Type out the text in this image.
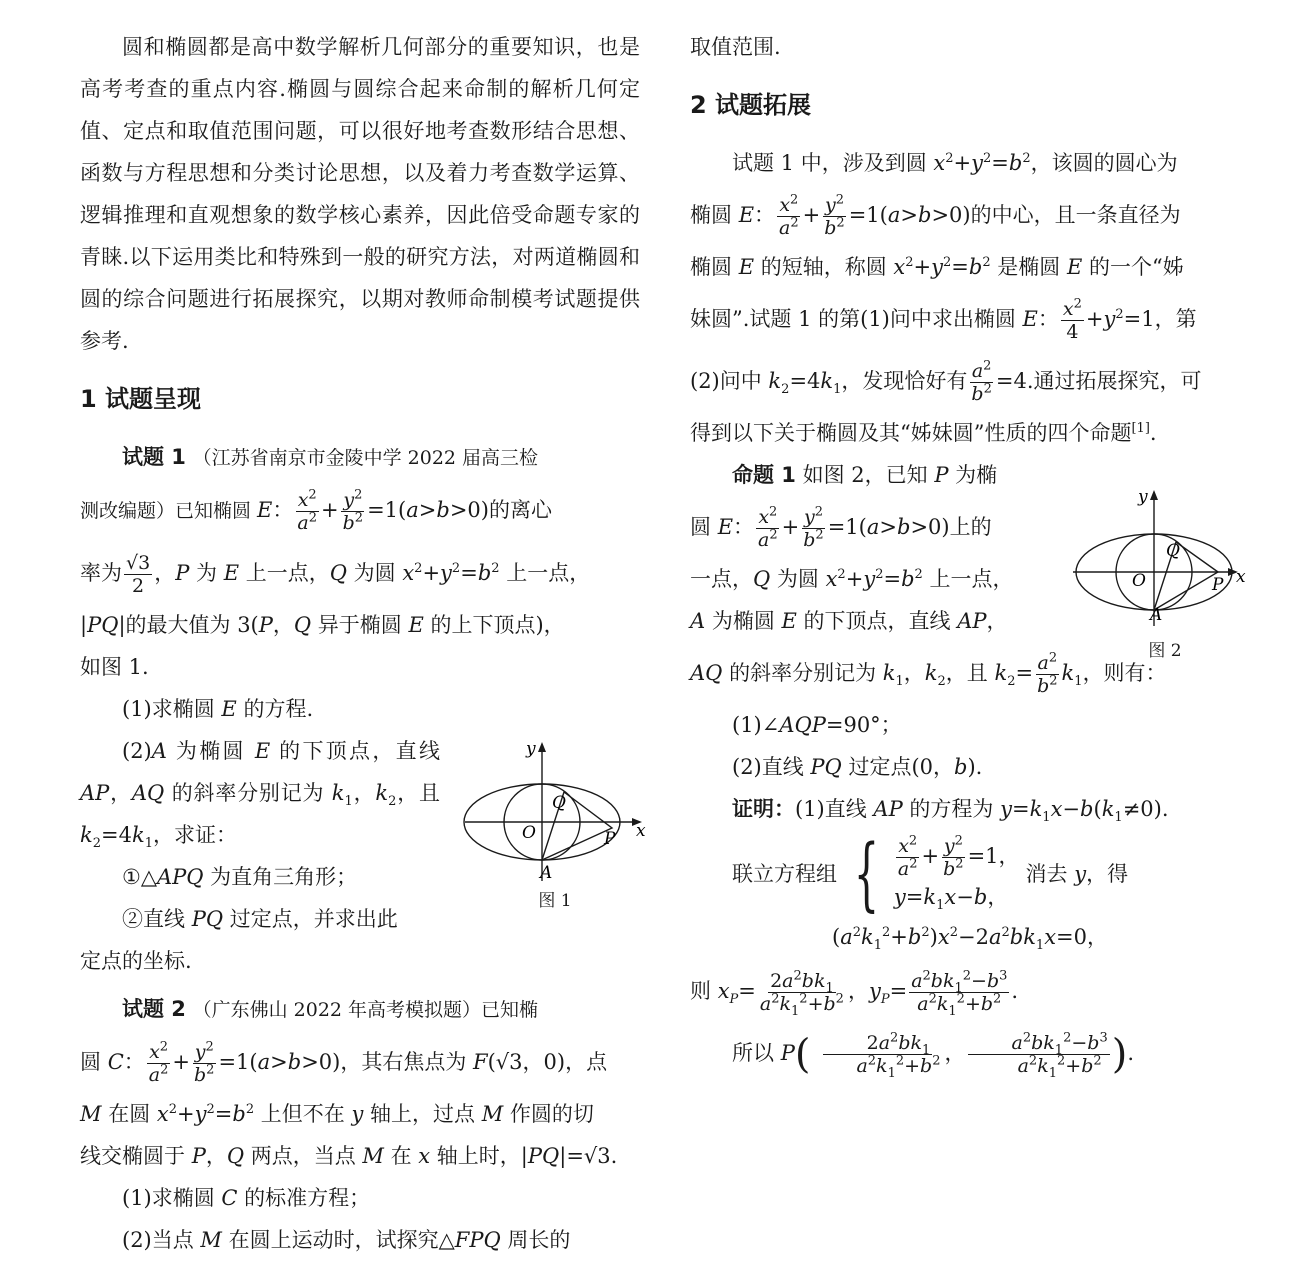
圆和椭圆都是高中数学解析几何部分的重要知识，也是高考考查的重点内容.椭圆与圆综合起来命制的解析几何定值、定点和取值范围问题，可以很好地考查数形结合思想、函数与方程思想和分类讨论思想，以及着力考查数学运算、逻辑推理和直观想象的数学核心素养，因此倍受命题专家的青睐.以下运用类比和特殊到一般的研究方法，对两道椭圆和圆的综合问题进行拓展探究，以期对教师命制模考试题提供参考.

1 试题呈现

试题 1 （江苏省南京市金陵中学 2022 届高三检

测改编题）已知椭圆 E： $\frac{x^2}{a^2} + \frac{y^2}{b^2} =1(a>b>0)$的离心

率为 $\frac{√3}{2}$ ，P 为 E 上一点，Q 为圆 $x^2+y^2=b^2$ 上一点，

|PQ|的最大值为 3(P，Q 异于椭圆 E 的上下顶点)，

如图 1.

(1)求椭圆 E 的方程.

(2)A 为椭圆 E 的下顶点，直线 AP，AQ 的斜率分别记为 $k_1$，$k_2$，且 $k_2=4k_1$，求证：

①△APQ 为直角三角形；

②直线 PQ 过定点，并求出此

定点的坐标.

试题 2 （广东佛山 2022 年高考模拟题）已知椭

圆 C： $\frac{x^2}{a^2} + \frac{y^2}{b^2} =1(a>b>0)$，其右焦点为 F(√3，0)，点

M 在圆 $x^2+y^2=b^2$ 上但不在 y 轴上，过点 M 作圆的切

线交椭圆于 P，Q 两点，当点 M 在 x 轴上时，|PQ|=√3.

(1)求椭圆 C 的标准方程；

(2)当点 M 在圆上运动时，试探究△FPQ 周长的

x
y
O
Q
P
A
图 1

取值范围.

2 试题拓展

试题 1 中，涉及到圆 $x^2+y^2=b^2$，该圆的圆心为

椭圆 E： $\frac{x^2}{a^2} + \frac{y^2}{b^2} =1(a>b>0)$的中心，且一条直径为

椭圆 E 的短轴，称圆 $x^2+y^2=b^2$ 是椭圆 E 的一个“姊

妹圆”.试题 1 的第(1)问中求出椭圆 E： $\frac{x^2}{4} +y^2=1$，第

(2)问中 $k_2=4k_1$，发现恰好有 $\frac{a^2}{b^2} =4$.通过拓展探究，可

得到以下关于椭圆及其“姊妹圆”性质的四个命题[1].

命题 1 如图 2，已知 P 为椭

圆 E： $\frac{x^2}{a^2} + \frac{y^2}{b^2} =1(a>b>0)$上的

一点，Q 为圆 $x^2+y^2=b^2$ 上一点，

A 为椭圆 E 的下顶点，直线 AP，

AQ 的斜率分别记为 $k_1$，$k_2$，且 $k_2= \frac{a^2}{b^2} k_1$，则有：

(1)∠AQP=90°；

(2)直线 PQ 过定点(0，b).

证明：(1)直线 AP 的方程为 $y=k_1x-b(k_1\ne 0)$.

联立方程组 { $\frac{x^2}{a^2} + \frac{y^2}{b^2} =1$，
$y=k_1x-b$，
消去 y，得

$(a^2k_1^2+b^2)x^2-2a^2bk_1x=0$，

则 $x_P= \frac{2a^2bk_1}{a^2k_1^2+b^2}$ ，$y_P= \frac{a^2bk_1^2-b^3}{a^2k_1^2+b^2}$ .

所以 $P( \frac{2a^2bk_1}{a^2k_1^2+b^2}$ ， $\frac{a^2bk_1^2-b^3}{a^2k_1^2+b^2}$ ).

x
y
O
Q
P
A
图 2
